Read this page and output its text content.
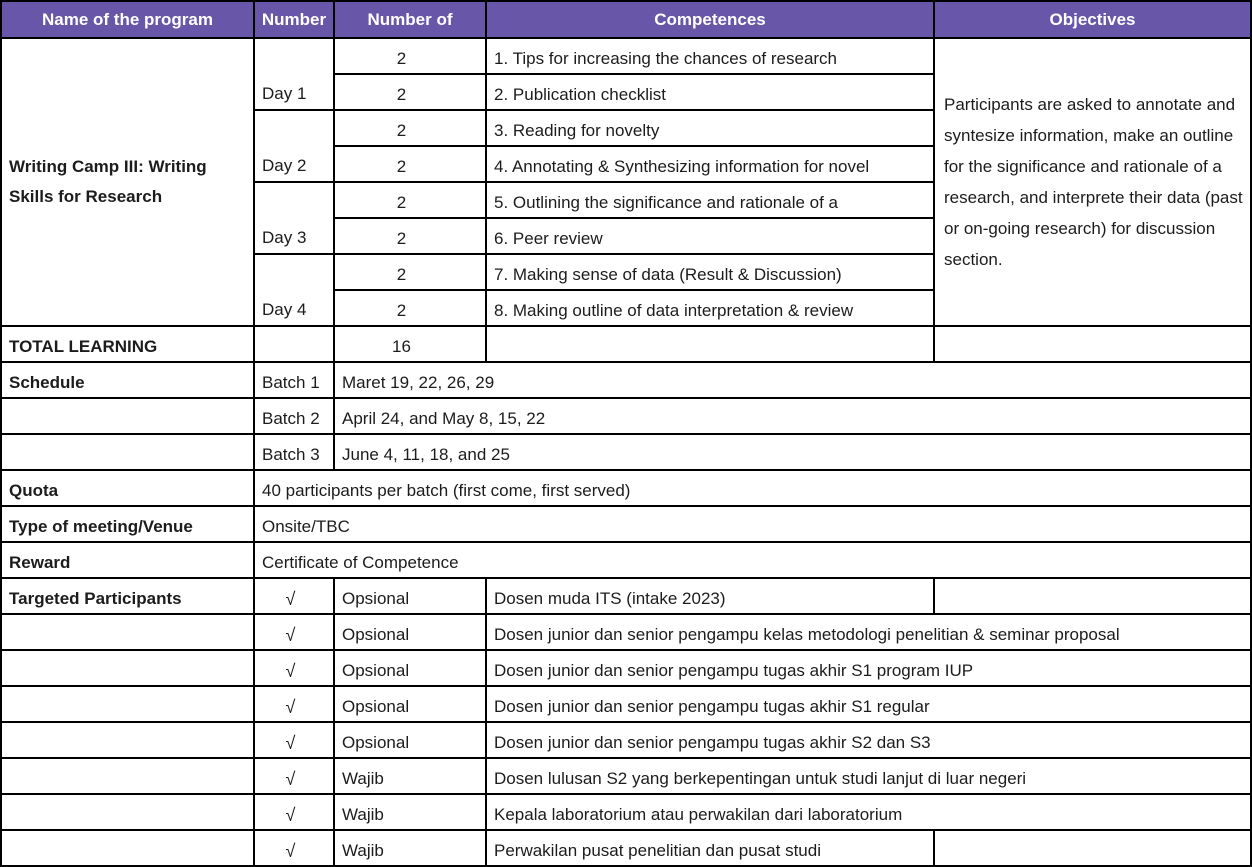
Name of the program	Number	Number of	Competences	Objectives
Writing Camp III: Writing Skills for Research	Day 1	2	1. Tips for increasing the chances of research	Participants are asked to annotate and syntesize information, make an outline for the significance and rationale of a research, and interprete their data (past or on-going research) for discussion section.
		2	2. Publication checklist	
	Day 2	2	3. Reading for novelty	
		2	4. Annotating & Synthesizing information for novel	
	Day 3	2	5. Outlining the significance and rationale of a	
		2	6. Peer review	
	Day 4	2	7. Making sense of data (Result & Discussion)	
		2	8. Making outline of data interpretation & review	
TOTAL LEARNING		16		
Schedule	Batch 1	Maret 19, 22, 26, 29		
	Batch 2	April 24, and May 8, 15, 22		
	Batch 3	June 4, 11, 18, and 25		
Quota	40 participants per batch (first come, first served)			
Type of meeting/Venue	Onsite/TBC			
Reward	Certificate of Competence			
Targeted Participants	√	Opsional	Dosen muda ITS (intake 2023)	
	√	Opsional	Dosen junior dan senior pengampu kelas metodologi penelitian & seminar proposal	
	√	Opsional	Dosen junior dan senior pengampu tugas akhir S1 program IUP	
	√	Opsional	Dosen junior dan senior pengampu tugas akhir S1 regular	
	√	Opsional	Dosen junior dan senior pengampu tugas akhir S2 dan S3	
	√	Wajib	Dosen lulusan S2 yang berkepentingan untuk studi lanjut di luar negeri	
	√	Wajib	Kepala laboratorium atau perwakilan dari laboratorium	
	√	Wajib	Perwakilan pusat penelitian dan pusat studi	
